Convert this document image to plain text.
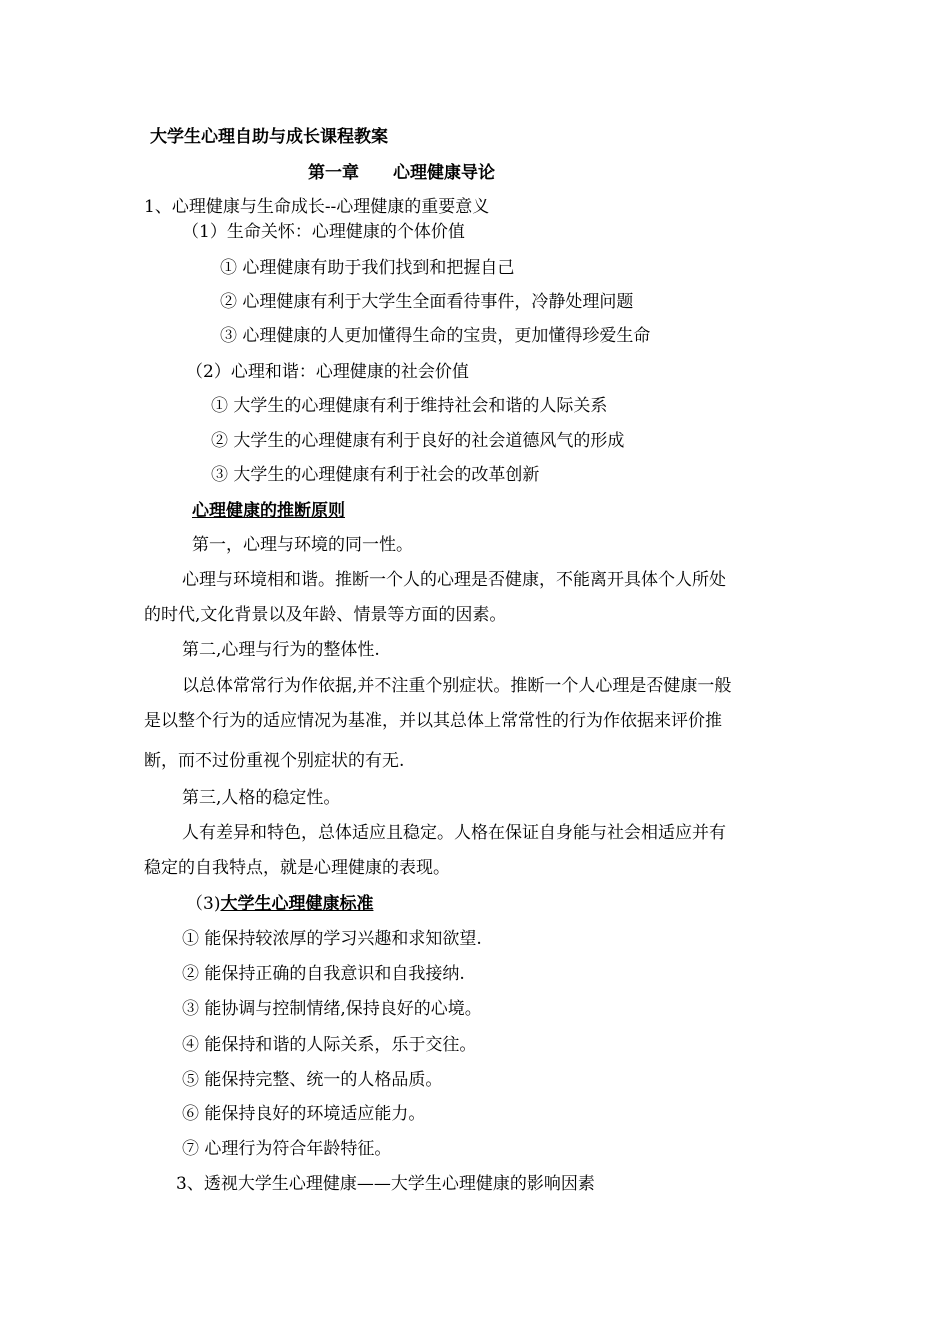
大学生心理自助与成长课程教案
第一章　　心理健康导论
1、心理健康与生命成长--心理健康的重要意义
（1）生命关怀：心理健康的个体价值
① 心理健康有助于我们找到和把握自己
② 心理健康有利于大学生全面看待事件，冷静处理问题
③ 心理健康的人更加懂得生命的宝贵，更加懂得珍爱生命
（2）心理和谐：心理健康的社会价值
① 大学生的心理健康有利于维持社会和谐的人际关系
② 大学生的心理健康有利于良好的社会道德风气的形成
③ 大学生的心理健康有利于社会的改革创新
心理健康的推断原则
第一，心理与环境的同一性。
心理与环境相和谐。推断一个人的心理是否健康，不能离开具体个人所处
的时代,文化背景以及年龄、情景等方面的因素。
第二,心理与行为的整体性.
以总体常常行为作依据,并不注重个别症状。推断一个人心理是否健康一般
是以整个行为的适应情况为基准，并以其总体上常常性的行为作依据来评价推
断，而不过份重视个别症状的有无.
第三,人格的稳定性。
人有差异和特色，总体适应且稳定。人格在保证自身能与社会相适应并有
稳定的自我特点，就是心理健康的表现。
（3)大学生心理健康标准
① 能保持较浓厚的学习兴趣和求知欲望.
② 能保持正确的自我意识和自我接纳.
③ 能协调与控制情绪,保持良好的心境。
④ 能保持和谐的人际关系，乐于交往。
⑤ 能保持完整、统一的人格品质。
⑥ 能保持良好的环境适应能力。
⑦ 心理行为符合年龄特征。
3、透视大学生心理健康——大学生心理健康的影响因素
